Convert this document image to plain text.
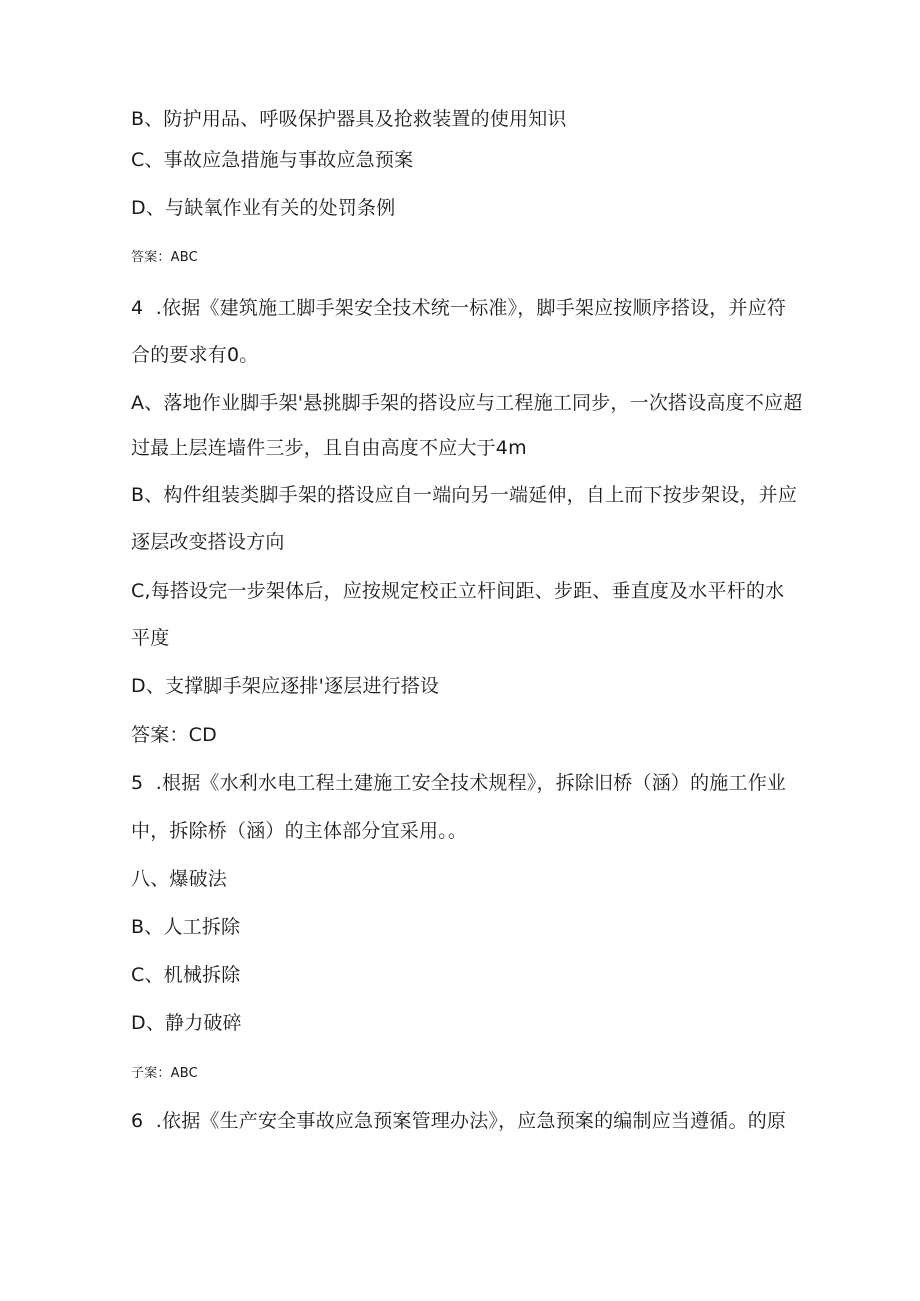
B、防护用品、呼吸保护器具及抢救装置的使用知识
C、事故应急措施与事故应急预案
D、与缺氧作业有关的处罚条例
答案：ABC
4  .依据《建筑施工脚手架安全技术统一标准》，脚手架应按顺序搭设，并应符
合的要求有0。
A、落地作业脚手架'悬挑脚手架的搭设应与工程施工同步，一次搭设高度不应超
过最上层连墙件三步，且自由高度不应大于4m
B、构件组装类脚手架的搭设应自一端向另一端延伸，自上而下按步架设，并应
逐层改变搭设方向
C,每搭设完一步架体后，应按规定校正立杆间距、步距、垂直度及水平杆的水
平度
D、支撑脚手架应逐排'逐层进行搭设
答案：CD
5  .根据《水利水电工程土建施工安全技术规程》，拆除旧桥（涵）的施工作业
中，拆除桥（涵）的主体部分宜采用。。
八、爆破法
B、人工拆除
C、机械拆除
D、静力破碎
子案：ABC
6  .依据《生产安全事故应急预案管理办法》，应急预案的编制应当遵循。的原
